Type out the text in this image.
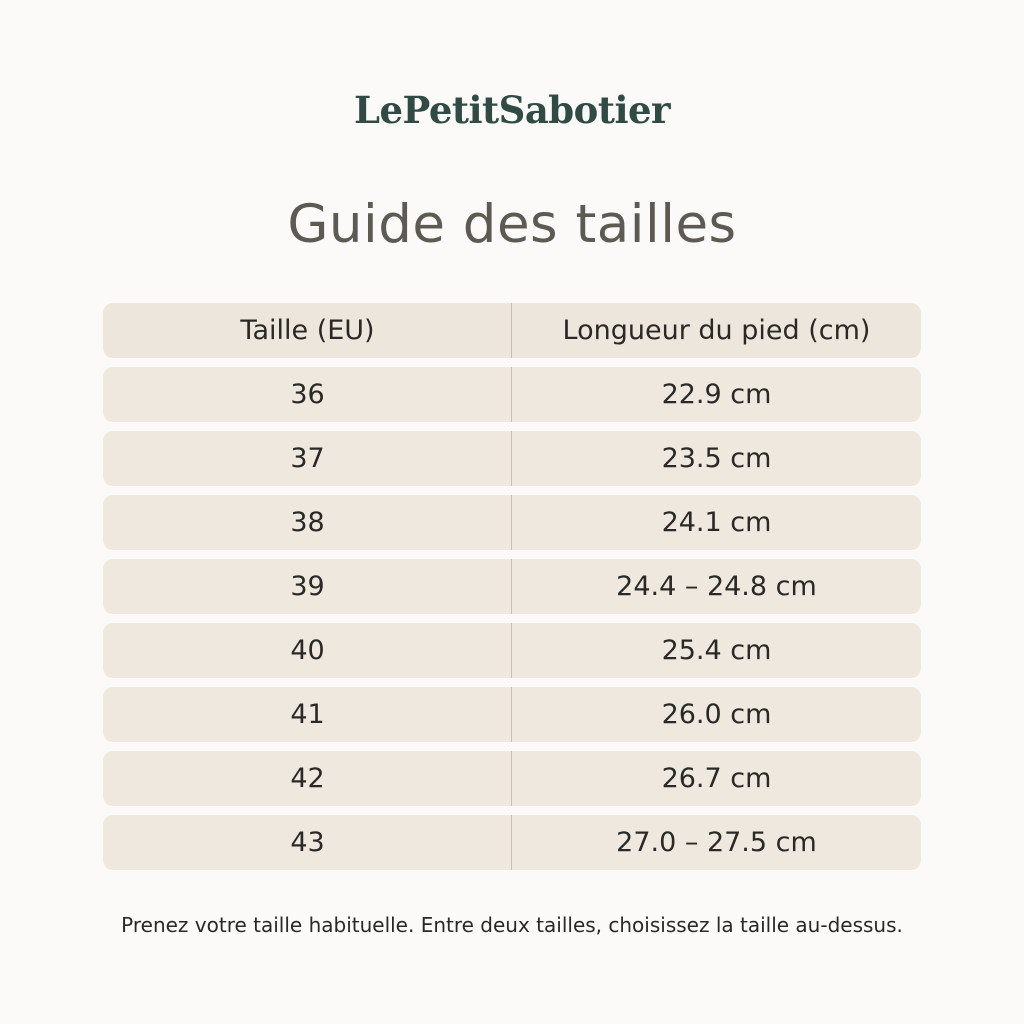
LePetitSabotier
Guide des tailles
Taille (EU)	Longueur du pied (cm)
36	22.9 cm
37	23.5 cm
38	24.1 cm
39	24.4 – 24.8 cm
40	25.4 cm
41	26.0 cm
42	26.7 cm
43	27.0 – 27.5 cm
Prenez votre taille habituelle. Entre deux tailles, choisissez la taille au-dessus.
